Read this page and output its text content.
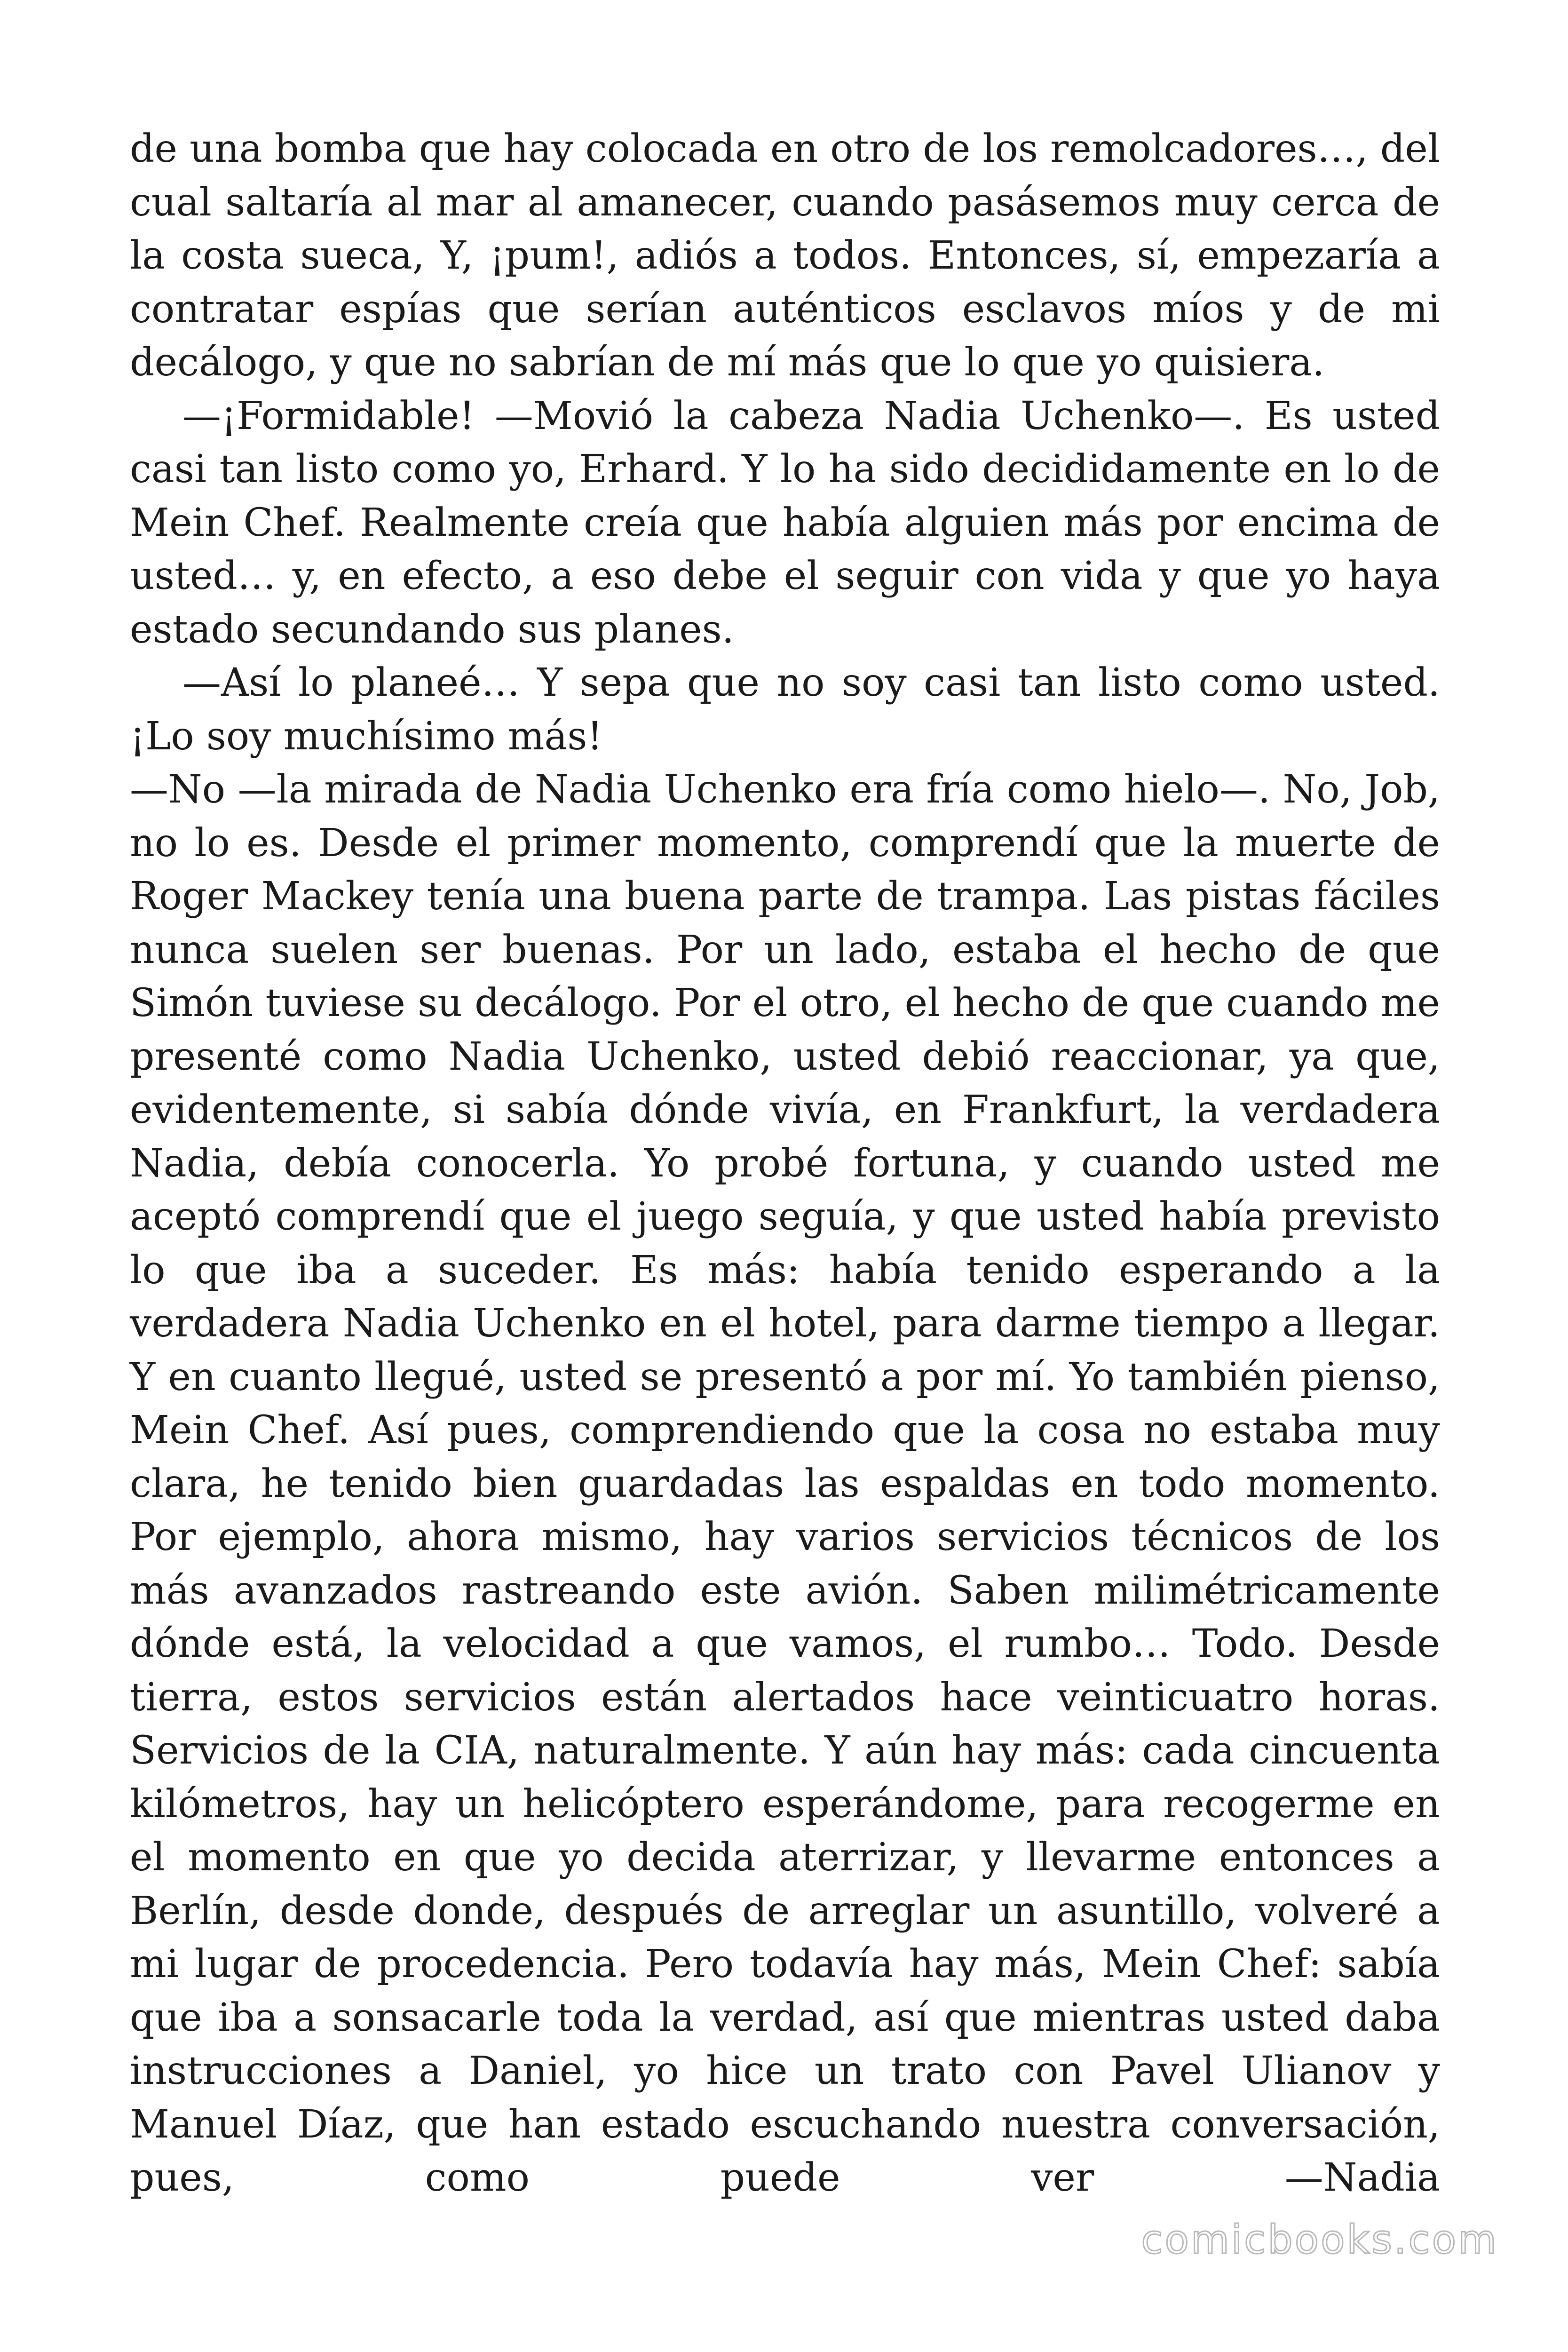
de una bomba que hay colocada en otro de los remolcadores…, del cual saltaría al mar al amanecer, cuando pasásemos muy cerca de la costa sueca, Y, ¡pum!, adiós a todos. Entonces, sí, empezaría a contratar espías que serían auténticos esclavos míos y de mi decálogo, y que no sabrían de mí más que lo que yo quisiera.

—¡Formidable! —Movió la cabeza Nadia Uchenko—. Es usted casi tan listo como yo, Erhard. Y lo ha sido decididamente en lo de Mein Chef. Realmente creía que había alguien más por encima de usted… y, en efecto, a eso debe el seguir con vida y que yo haya estado secundando sus planes.

—Así lo planeé… Y sepa que no soy casi tan listo como usted. ¡Lo soy muchísimo más!

—No —la mirada de Nadia Uchenko era fría como hielo—. No, Job, no lo es. Desde el primer momento, comprendí que la muerte de Roger Mackey tenía una buena parte de trampa. Las pistas fáciles nunca suelen ser buenas. Por un lado, estaba el hecho de que Simón tuviese su decálogo. Por el otro, el hecho de que cuando me presenté como Nadia Uchenko, usted debió reaccionar, ya que, evidentemente, si sabía dónde vivía, en Frankfurt, la verdadera Nadia, debía conocerla. Yo probé fortuna, y cuando usted me aceptó comprendí que el juego seguía, y que usted había previsto lo que iba a suceder. Es más: había tenido esperando a la verdadera Nadia Uchenko en el hotel, para darme tiempo a llegar. Y en cuanto llegué, usted se presentó a por mí. Yo también pienso, Mein Chef. Así pues, comprendiendo que la cosa no estaba muy clara, he tenido bien guardadas las espaldas en todo momento. Por ejemplo, ahora mismo, hay varios servicios técnicos de los más avanzados rastreando este avión. Saben milimétricamente dónde está, la velocidad a que vamos, el rumbo… Todo. Desde tierra, estos servicios están alertados hace veinticuatro horas. Servicios de la CIA, naturalmente. Y aún hay más: cada cincuenta kilómetros, hay un helicóptero esperándome, para recogerme en el momento en que yo decida aterrizar, y llevarme entonces a Berlín, desde donde, después de arreglar un asuntillo, volveré a mi lugar de procedencia. Pero todavía hay más, Mein Chef: sabía que iba a sonsacarle toda la verdad, así que mientras usted daba instrucciones a Daniel, yo hice un trato con Pavel Ulianov y Manuel Díaz, que han estado escuchando nuestra conversación, pues, como puede ver —Nadia

comicbooks.com
